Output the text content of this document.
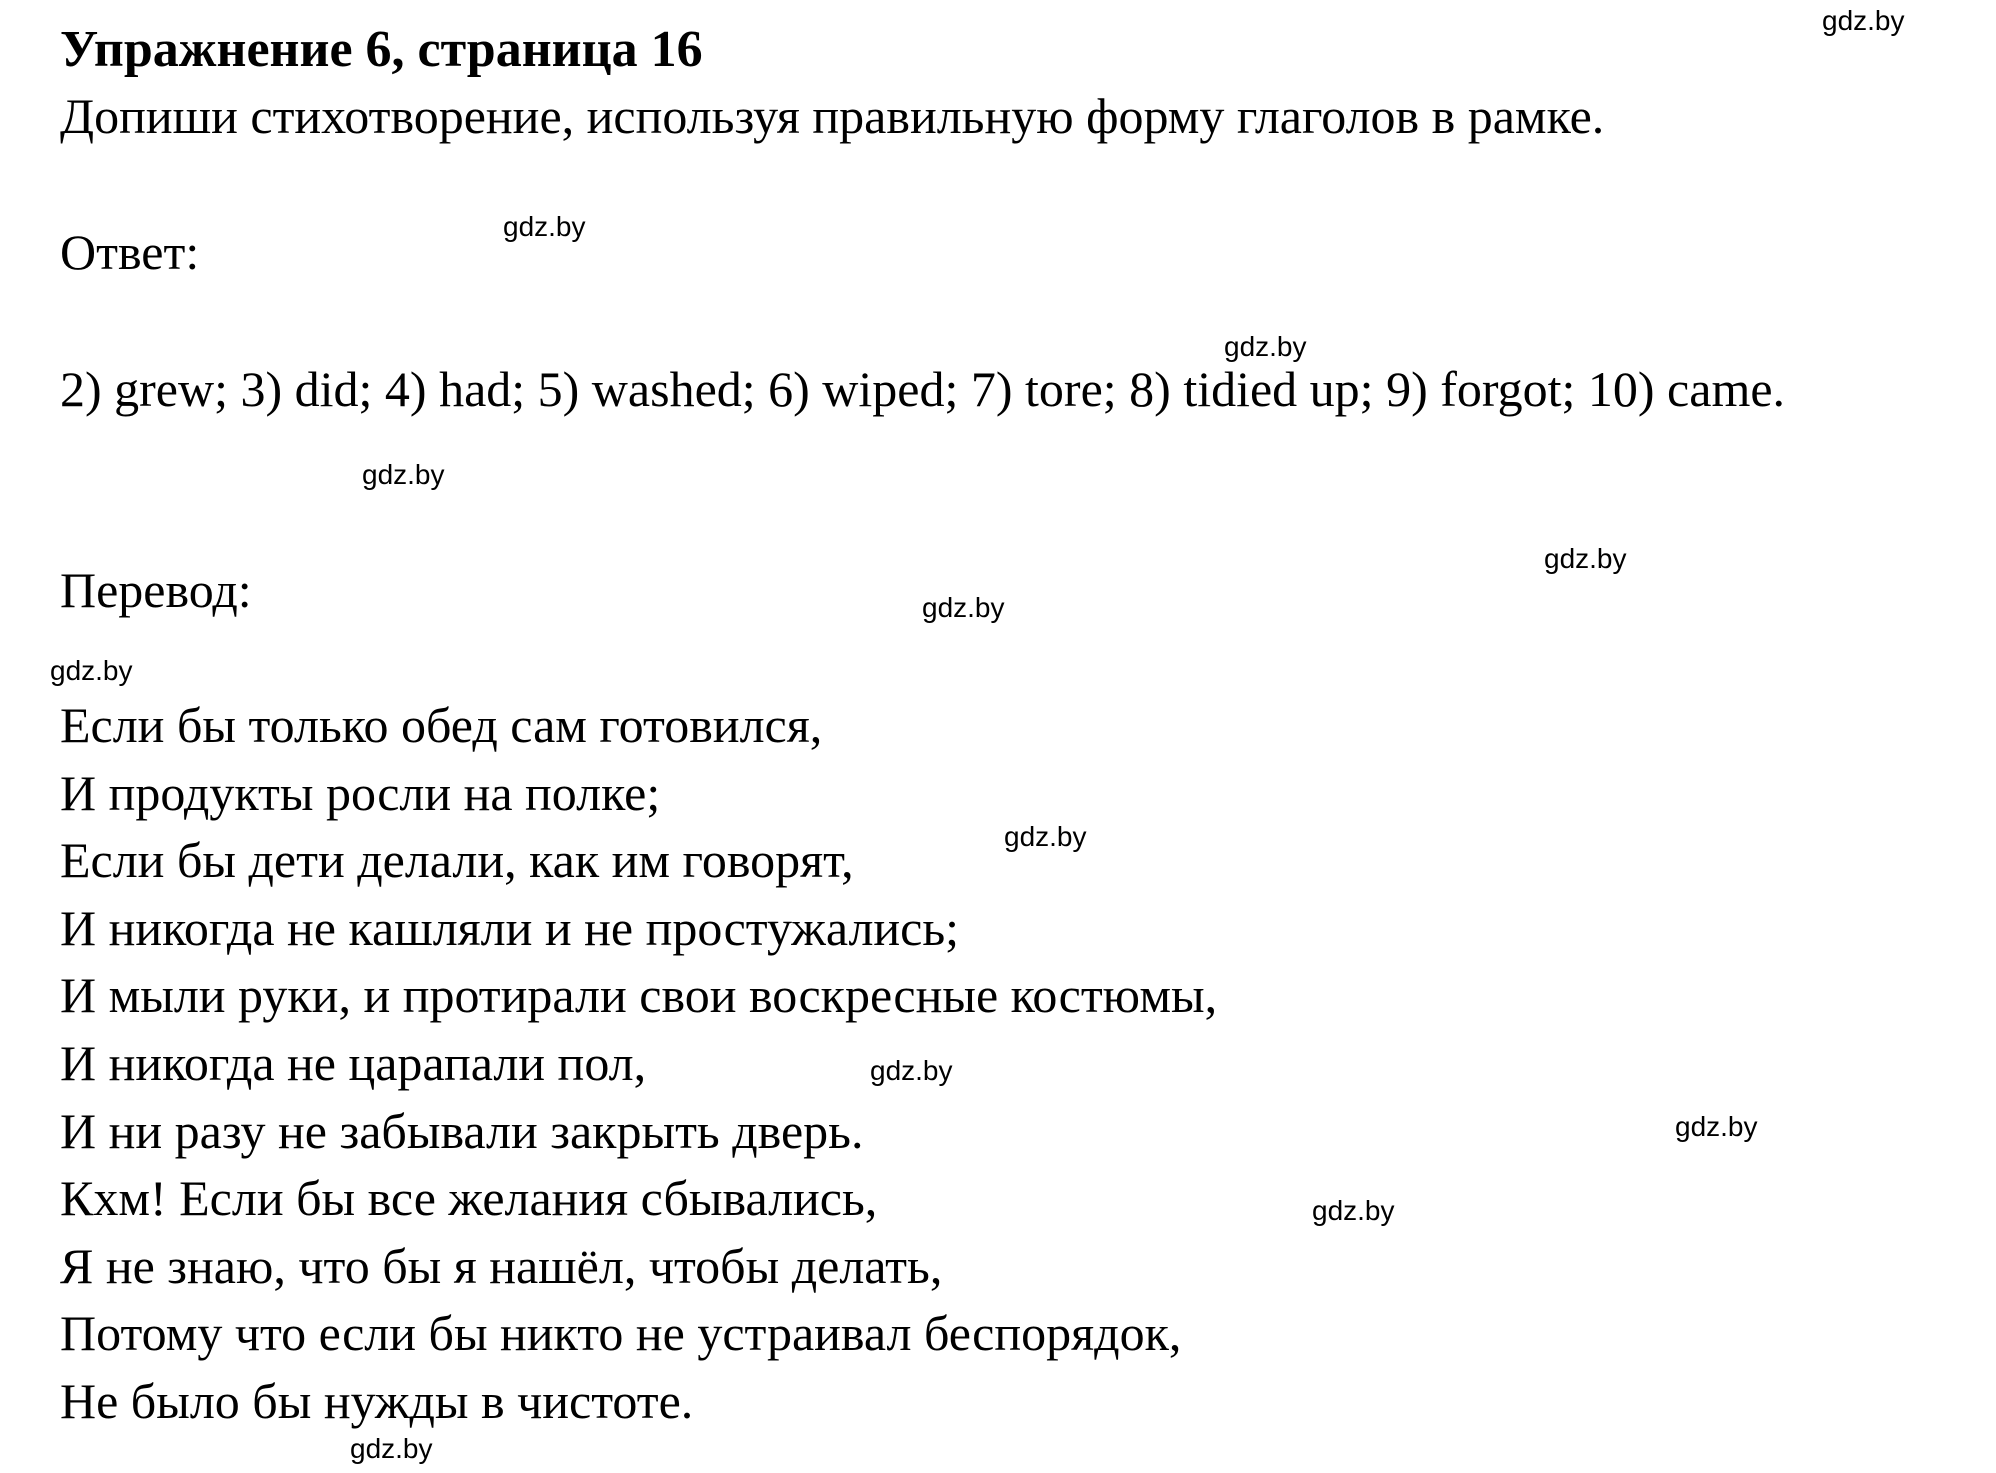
Упражнение 6, страница 16
Допиши стихотворение, используя правильную форму глаголов в рамке.
Ответ:
2) grew; 3) did; 4) had; 5) washed; 6) wiped; 7) tore; 8) tidied up; 9) forgot; 10) came.
Перевод:
Если бы только обед сам готовился,
И продукты росли на полке;
Если бы дети делали, как им говорят,
И никогда не кашляли и не простужались;
И мыли руки, и протирали свои воскресные костюмы,
И никогда не царапали пол,
И ни разу не забывали закрыть дверь.
Кхм! Если бы все желания сбывались,
Я не знаю, что бы я нашёл, чтобы делать,
Потому что если бы никто не устраивал беспорядок,
Не было бы нужды в чистоте.
gdz.by
gdz.by
gdz.by
gdz.by
gdz.by
gdz.by
gdz.by
gdz.by
gdz.by
gdz.by
gdz.by
gdz.by
